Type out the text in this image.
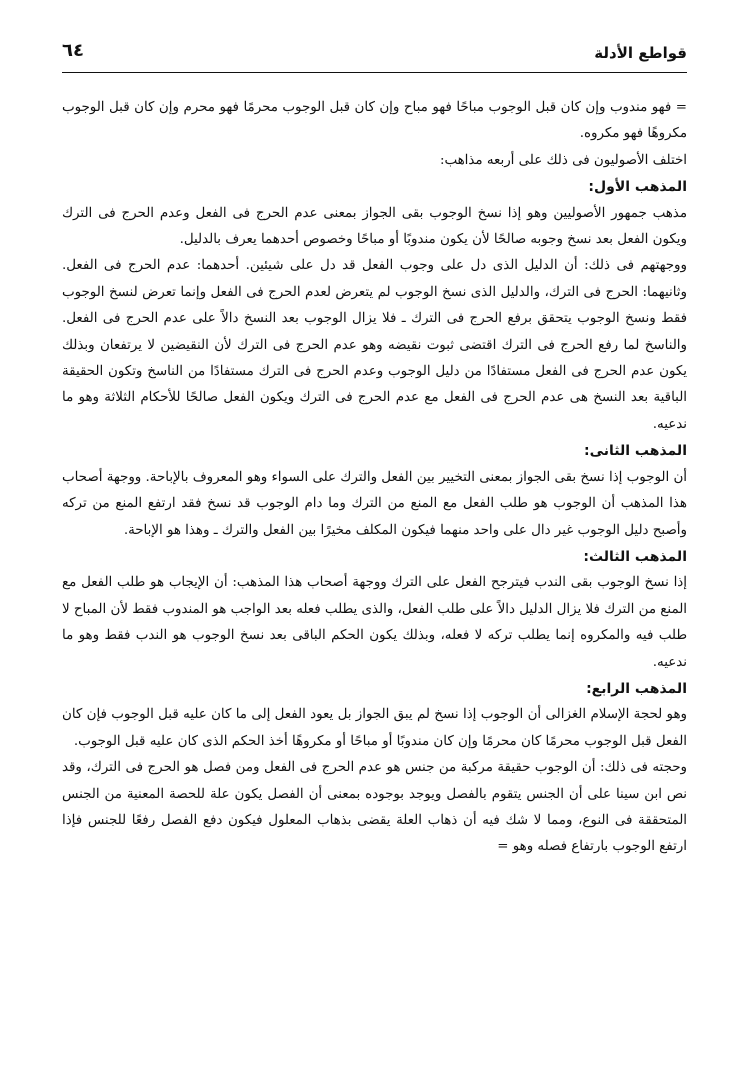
قواطع الأدلة
٦٤

= فهو مندوب وإن كان قبل الوجوب مباحًا فهو مباح وإن كان قبل الوجوب محرمًا فهو محرم وإن كان قبل الوجوب مكروهًا فهو مكروه.

اختلف الأصوليون فى ذلك على أربعه مذاهب:

المذهب الأول:

مذهب جمهور الأصوليين وهو إذا نسخ الوجوب بقى الجواز بمعنى عدم الحرج فى الفعل وعدم الحرج فى الترك ويكون الفعل بعد نسخ وجوبه صالحًا لأن يكون مندوبًا أو مباحًا وخصوص أحدهما يعرف بالدليل.

ووجهتهم فى ذلك: أن الدليل الذى دل على وجوب الفعل قد دل على شيئين. أحدهما: عدم الحرج فى الفعل. وثانيهما: الحرج فى الترك، والدليل الذى نسخ الوجوب لم يتعرض لعدم الحرج فى الفعل وإنما تعرض لنسخ الوجوب فقط ونسخ الوجوب يتحقق برفع الحرج فى الترك ـ فلا يزال الوجوب بعد النسخ دالاً على عدم الحرج فى الفعل. والناسخ لما رفع الحرج فى الترك اقتضى ثبوت نقيضه وهو عدم الحرج فى الترك لأن النقيضين لا يرتفعان وبذلك يكون عدم الحرج فى الفعل مستفادًا من دليل الوجوب وعدم الحرج فى الترك مستفادًا من الناسخ وتكون الحقيقة الباقية بعد النسخ هى عدم الحرج فى الفعل مع عدم الحرج فى الترك ويكون الفعل صالحًا للأحكام الثلاثة وهو ما ندعيه.

المذهب الثانى:

أن الوجوب إذا نسخ بقى الجواز بمعنى التخيير بين الفعل والترك على السواء وهو المعروف بالإباحة. ووجهة أصحاب هذا المذهب أن الوجوب هو طلب الفعل مع المنع من الترك وما دام الوجوب قد نسخ فقد ارتفع المنع من تركه وأصبح دليل الوجوب غير دال على واحد منهما فيكون المكلف مخيرًا بين الفعل والترك ـ وهذا هو الإباحة.

المذهب الثالث:

إذا نسخ الوجوب بقى الندب فيترجح الفعل على الترك ووجهة أصحاب هذا المذهب: أن الإيجاب هو طلب الفعل مع المنع من الترك فلا يزال الدليل دالاً على طلب الفعل، والذى يطلب فعله بعد الواجب هو المندوب فقط لأن المباح لا طلب فيه والمكروه إنما يطلب تركه لا فعله، وبذلك يكون الحكم الباقى بعد نسخ الوجوب هو الندب فقط وهو ما ندعيه.

المذهب الرابع:

وهو لحجة الإسلام الغزالى أن الوجوب إذا نسخ لم يبق الجواز بل يعود الفعل إلى ما كان عليه قبل الوجوب فإن كان الفعل قبل الوجوب محرمًا كان محرمًا وإن كان مندوبًا أو مباحًا أو مكروهًا أخذ الحكم الذى كان عليه قبل الوجوب.

وحجته فى ذلك: أن الوجوب حقيقة مركبة من جنس هو عدم الحرج فى الفعل ومن فصل هو الحرج فى الترك، وقد نص ابن سينا على أن الجنس يتقوم بالفصل ويوجد بوجوده بمعنى أن الفصل يكون علة للحصة المعنية من الجنس المتحققة فى النوع، ومما لا شك فيه أن ذهاب العلة يقضى بذهاب المعلول فيكون دفع الفصل رفعًا للجنس فإذا ارتفع الوجوب بارتفاع فصله وهو =
